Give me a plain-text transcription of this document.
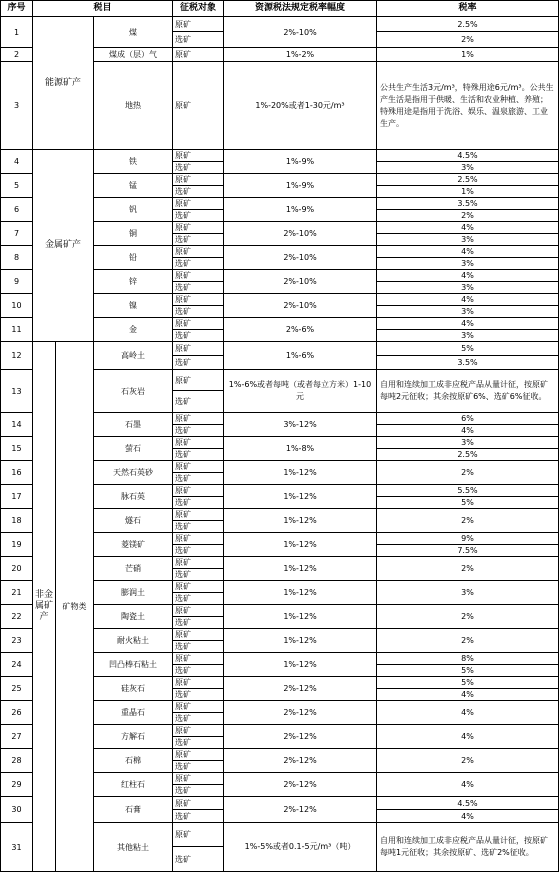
序号	税目			征税对象	资源税法规定税率幅度	税率
1	能源矿产		煤	原矿	2%-10%	2.5%
				选矿		2%
2			煤成（层）气	原矿	1%-2%	1%
3			地热	原矿	1%-20%或者1-30元/m³	公共生产生活3元/m³，特殊用途6元/m³。公共生产生活是指用于供暖、生活和农业种植、养殖；特殊用途是指用于洗浴、娱乐、温泉旅游、工业生产。
4	金属矿产		铁	原矿	1%-9%	4.5%
				选矿		3%
5			锰	原矿	1%-9%	2.5%
				选矿		1%
6			钒	原矿	1%-9%	3.5%
				选矿		2%
7			铜	原矿	2%-10%	4%
				选矿		3%
8			铅	原矿	2%-10%	4%
				选矿		3%
9			锌	原矿	2%-10%	4%
				选矿		3%
10			镍	原矿	2%-10%	4%
				选矿		3%
11			金	原矿	2%-6%	4%
				选矿		3%
12	非金属矿产	矿物类	高岭土	原矿	1%-6%	5%
				选矿		3.5%
13			石灰岩	原矿	1%-6%或者每吨（或者每立方米）1-10元	自用和连续加工成非应税产品从量计征，按原矿每吨2元征收；其余按原矿6%、选矿6%征收。
				选矿		
14			石墨	原矿	3%-12%	6%
				选矿		4%
15			萤石	原矿	1%-8%	3%
				选矿		2.5%
16			天然石英砂	原矿	1%-12%	2%
				选矿		
17			脉石英	原矿	1%-12%	5.5%
				选矿		5%
18			燧石	原矿	1%-12%	2%
				选矿		
19			菱镁矿	原矿	1%-12%	9%
				选矿		7.5%
20			芒硝	原矿	1%-12%	2%
				选矿		
21			膨润土	原矿	1%-12%	3%
				选矿		
22			陶瓷土	原矿	1%-12%	2%
				选矿		
23			耐火粘土	原矿	1%-12%	2%
				选矿		
24			凹凸棒石粘土	原矿	1%-12%	8%
				选矿		5%
25			硅灰石	原矿	2%-12%	5%
				选矿		4%
26			重晶石	原矿	2%-12%	4%
				选矿		
27			方解石	原矿	2%-12%	4%
				选矿		
28			石棉	原矿	2%-12%	2%
				选矿		
29			红柱石	原矿	2%-12%	4%
				选矿		
30			石膏	原矿	2%-12%	4.5%
				选矿		4%
31			其他粘土	原矿	1%-5%或者0.1-5元/m³（吨）	自用和连续加工成非应税产品从量计征，按原矿每吨1元征收；其余按原矿、选矿2%征收。
				选矿		
